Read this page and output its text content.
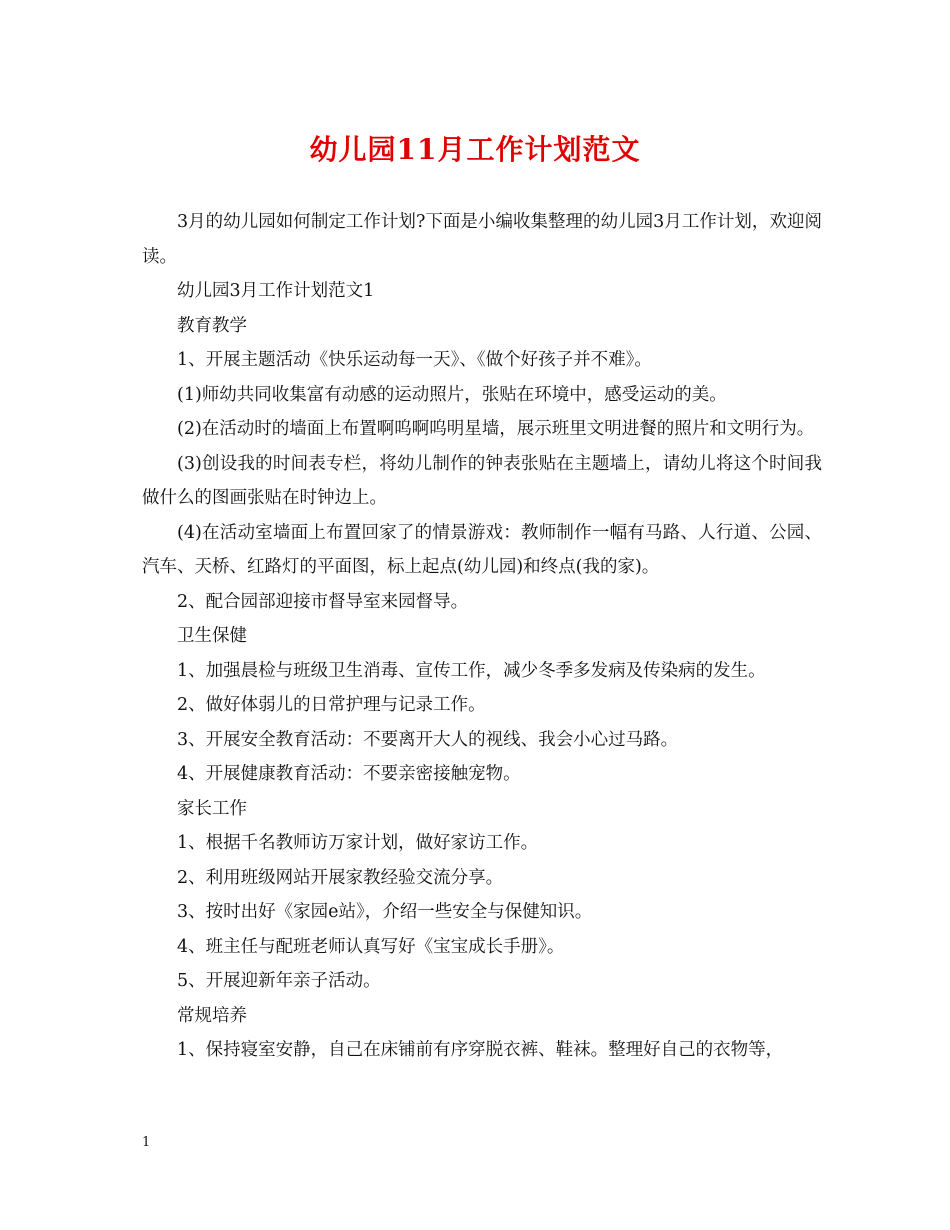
幼儿园11月工作计划范文

3月的幼儿园如何制定工作计划?下面是小编收集整理的幼儿园3月工作计划，欢迎阅读。

幼儿园3月工作计划范文1

教育教学

1、开展主题活动《快乐运动每一天》、《做个好孩子并不难》。

(1)师幼共同收集富有动感的运动照片，张贴在环境中，感受运动的美。

(2)在活动时的墙面上布置啊呜啊呜明星墙，展示班里文明进餐的照片和文明行为。

(3)创设我的时间表专栏，将幼儿制作的钟表张贴在主题墙上，请幼儿将这个时间我做什么的图画张贴在时钟边上。

(4)在活动室墙面上布置回家了的情景游戏：教师制作一幅有马路、人行道、公园、汽车、天桥、红路灯的平面图，标上起点(幼儿园)和终点(我的家)。

2、配合园部迎接市督导室来园督导。

卫生保健

1、加强晨检与班级卫生消毒、宣传工作，减少冬季多发病及传染病的发生。

2、做好体弱儿的日常护理与记录工作。

3、开展安全教育活动：不要离开大人的视线、我会小心过马路。

4、开展健康教育活动：不要亲密接触宠物。

家长工作

1、根据千名教师访万家计划，做好家访工作。

2、利用班级网站开展家教经验交流分享。

3、按时出好《家园e站》，介绍一些安全与保健知识。

4、班主任与配班老师认真写好《宝宝成长手册》。

5、开展迎新年亲子活动。

常规培养

1、保持寝室安静，自己在床铺前有序穿脱衣裤、鞋袜。整理好自己的衣物等，

1
